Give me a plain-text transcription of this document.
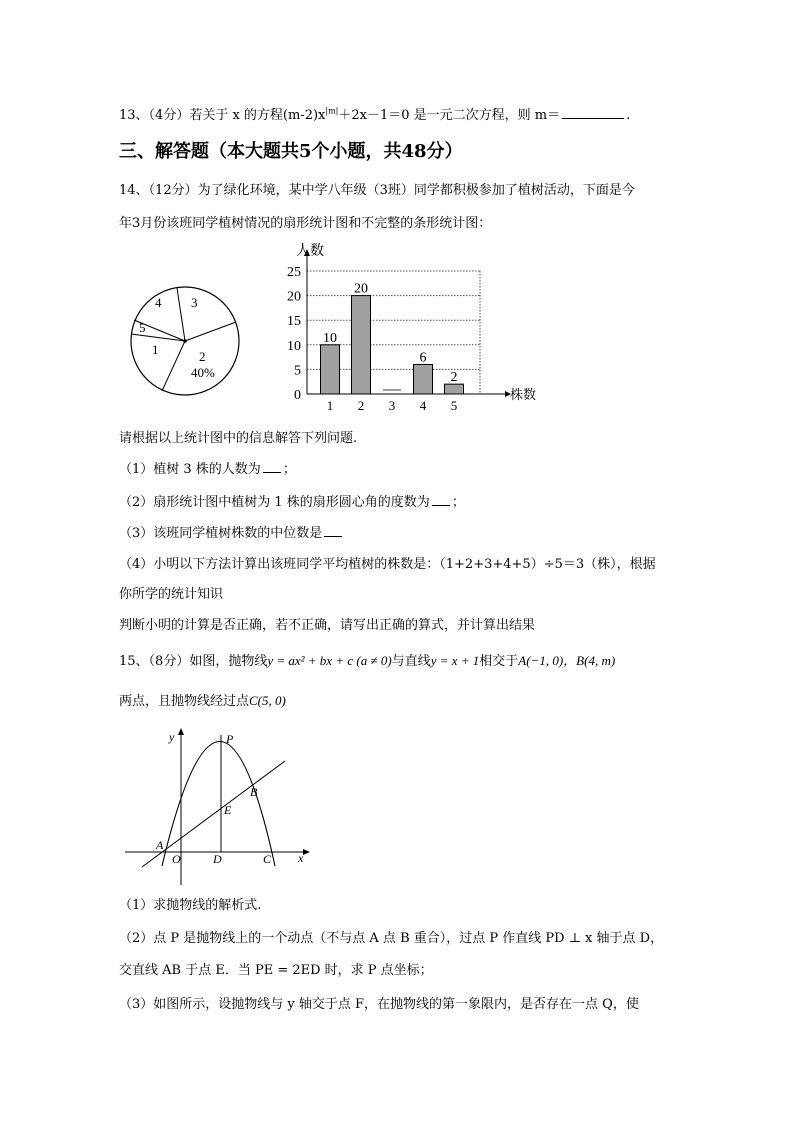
13、（4分）若关于 x 的方程$(m-2)x^{|m|}+2x-1=0$ 是一元二次方程，则 m＝	.
三、解答题（本大题共5个小题，共48分）
14、（12分）为了绿化环境，某中学八年级（3班）同学都积极参加了植树活动，下面是今
年3月份该班同学植树情况的扇形统计图和不完整的条形统计图：
4 3
5
1	2
40%
0
5
10
15
20
25
10
1
20
2 3
6
4
2
5
人数
株数
请根据以上统计图中的信息解答下列问题.
（1）植树 3 株的人数为 ；
（2）扇形统计图中植树为 1 株的扇形圆心角的度数为 ；
（3）该班同学植树株数的中位数是
（4）小明以下方法计算出该班同学平均植树的株数是：（1+2+3+4+5）÷5＝3（株），根据
你所学的统计知识
判断小明的计算是否正确，若不正确，请写出正确的算式，并计算出结果
15、（8分）如图，抛物线y = ax² + bx + c (a ≠ 0)与直线y = x + 1相交于A(−1, 0)，B(4, m)
两点，且抛物线经过点C(5, 0)
y
x
P
B
E
A
O	D	C
（1）求抛物线的解析式.
（2）点 P 是抛物线上的一个动点（不与点 A 点 B 重合），过点 P 作直线 PD ⊥ x 轴于点 D，
交直线 AB 于点 E．当 PE = 2ED 时，求 P 点坐标；
（3）如图所示，设抛物线与 y 轴交于点 F，在抛物线的第一象限内，是否存在一点 Q，使
